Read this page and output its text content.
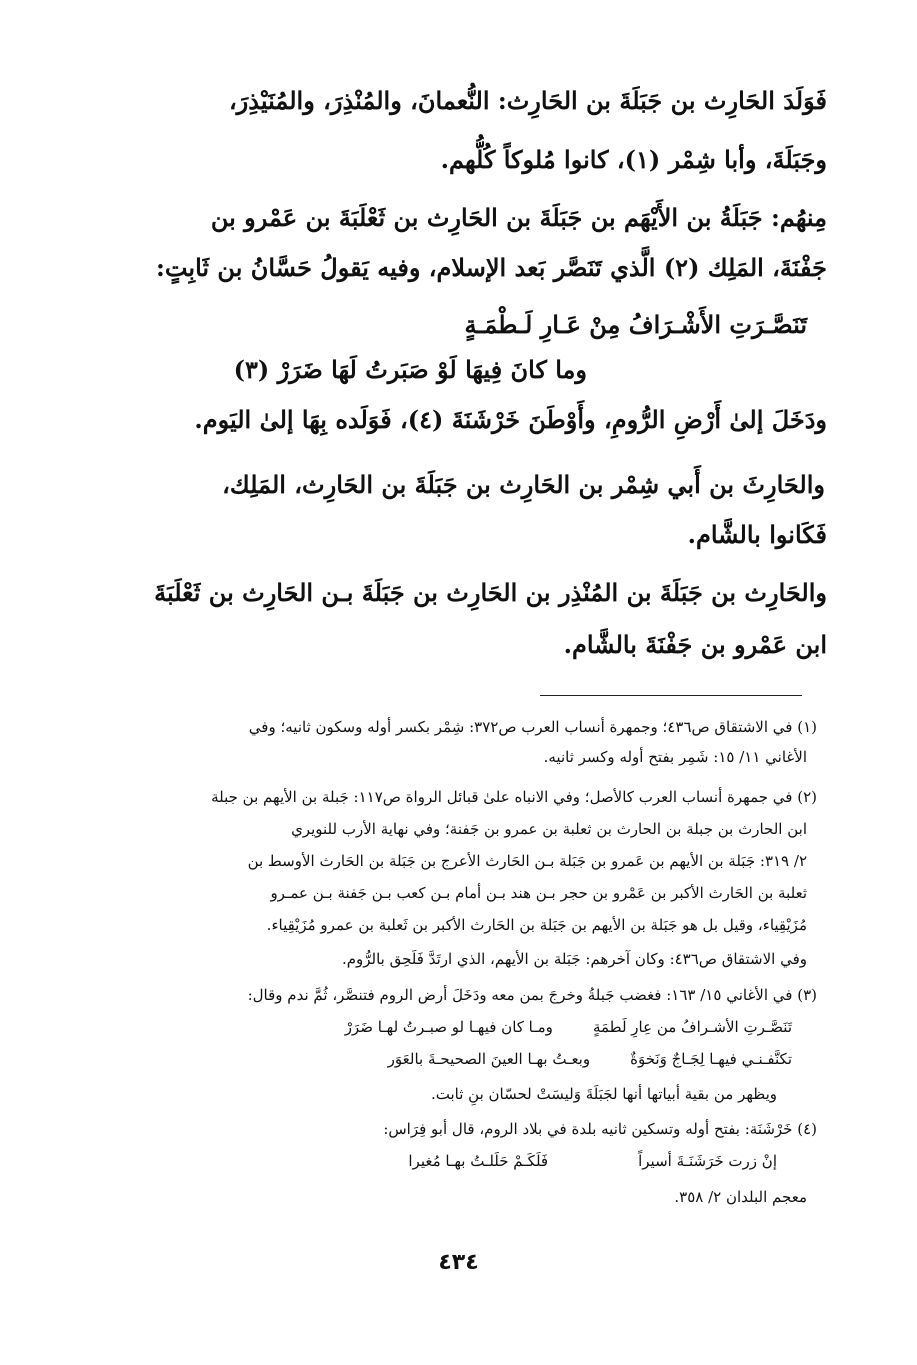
فَوَلَدَ الحَارِث بن جَبَلَةَ بن الحَارِث: النُّعمانَ، والمُنْذِرَ، والمُنَيْذِرَ،
وجَبَلَةَ، وأبا شِمْر (١)، كانوا مُلوكاً كُلُّهم.
مِنهُم: جَبَلَةُ بن الأَيْهَم بن جَبَلَةَ بن الحَارِث بن ثَعْلَبَةَ بن عَمْرو بن
جَفْنَةَ، المَلِك (٢) الَّذي تَنَصَّر بَعد الإسلام، وفيه يَقولُ حَسَّانُ بن ثَابِتٍ:
تَنَصَّـرَتِ الأَشْـرَافُ مِنْ عَـارِ لَـطْمَـةٍ
وما كانَ فِيهَا لَوْ صَبَرتُ لَهَا ضَرَرْ (٣)
ودَخَلَ إلىٰ أَرْضِ الرُّومِ، وأَوْطَنَ خَرْشَنَةَ (٤)، فَوَلَده بِهَا إلىٰ اليَوم.
والحَارِثَ بن أَبي شِمْر بن الحَارِث بن جَبَلَةَ بن الحَارِث، المَلِك،
فَكَانوا بالشَّام.
والحَارِث بن جَبَلَةَ بن المُنْذِر بن الحَارِث بن جَبَلَةَ بـن الحَارِث بن ثَعْلَبَةَ
ابن عَمْرو بن جَفْنَةَ بالشَّام.
(١) في الاشتقاق ص٤٣٦؛ وجمهرة أنساب العرب ص٣٧٢: شِمْر بكسر أوله وسكون ثانيه؛ وفي
الأغاني ١١/ ١٥: شَمِر بفتح أوله وكسر ثانيه.
(٢) في جمهرة أنساب العرب كالأصل؛ وفي الانباه علىٰ قبائل الرواة ص١١٧: جَبلة بن الأيهم بن جبلة
ابن الحارث بن جبلة بن الحارث بن ثعلبة بن عمرو بن جَفنة؛ وفي نهاية الأرب للنويري
٢/ ٣١٩: جَبَلة بن الأيهم بن عَمرو بن جَبَلة بـن الحَارث الأعرج بن جَبَلة بن الحَارث الأوسط بن
ثعلبة بن الحَارث الأكبر بن عَمْرو بن حجر بـن هند بـن أمام بـن كعب بـن جَفنة بـن عمـرو
مُزَيْقِياء، وقيل بل هو جَبَلة بن الأيهم بن جَبَلة بن الحَارث الأكبر بن ثَعلبة بن عمرو مُزَيْقِياء.
وفي الاشتقاق ص٤٣٦: وكان آخرهم: جَبَلة بن الأيهم، الذي ارتَدَّ فَلَحِق بالرُّوم.
(٣) في الأغاني ١٥/ ١٦٣: فغضب جَبلةُ وخرجَ بمن معه ودَخَلَ أرض الروم فتنصَّر، ثُمَّ ندم وقال:
تَنَصَّـرتِ الأشـرافُ من عِارِ لَطمَةٍ
ومـا كان فيهـا لو صبـرتُ لهـا ضَرَرْ
تكنَّفـنـي فيهـا لِجَـاجٌ وَنَخوَةٌ
وبعـتُ بهـا العينَ الصحيحـةَ بالعَوَر
ويظهر من بقية أبياتها أنها لجَبَلَةَ وَليسَتْ لحسّان بنِ ثابت.
(٤) خَرْشَنَة: بفتح أوله وتسكين ثانيه بلدة في بلاد الروم، قال أبو فِرَاس:
إنْ زرت خَرَشَنَـةَ أسيراً
فَلَكَـمْ حَلَلـتُ بهـا مُغيرا
معجم البلدان ٢/ ٣٥٨.
٤٣٤
